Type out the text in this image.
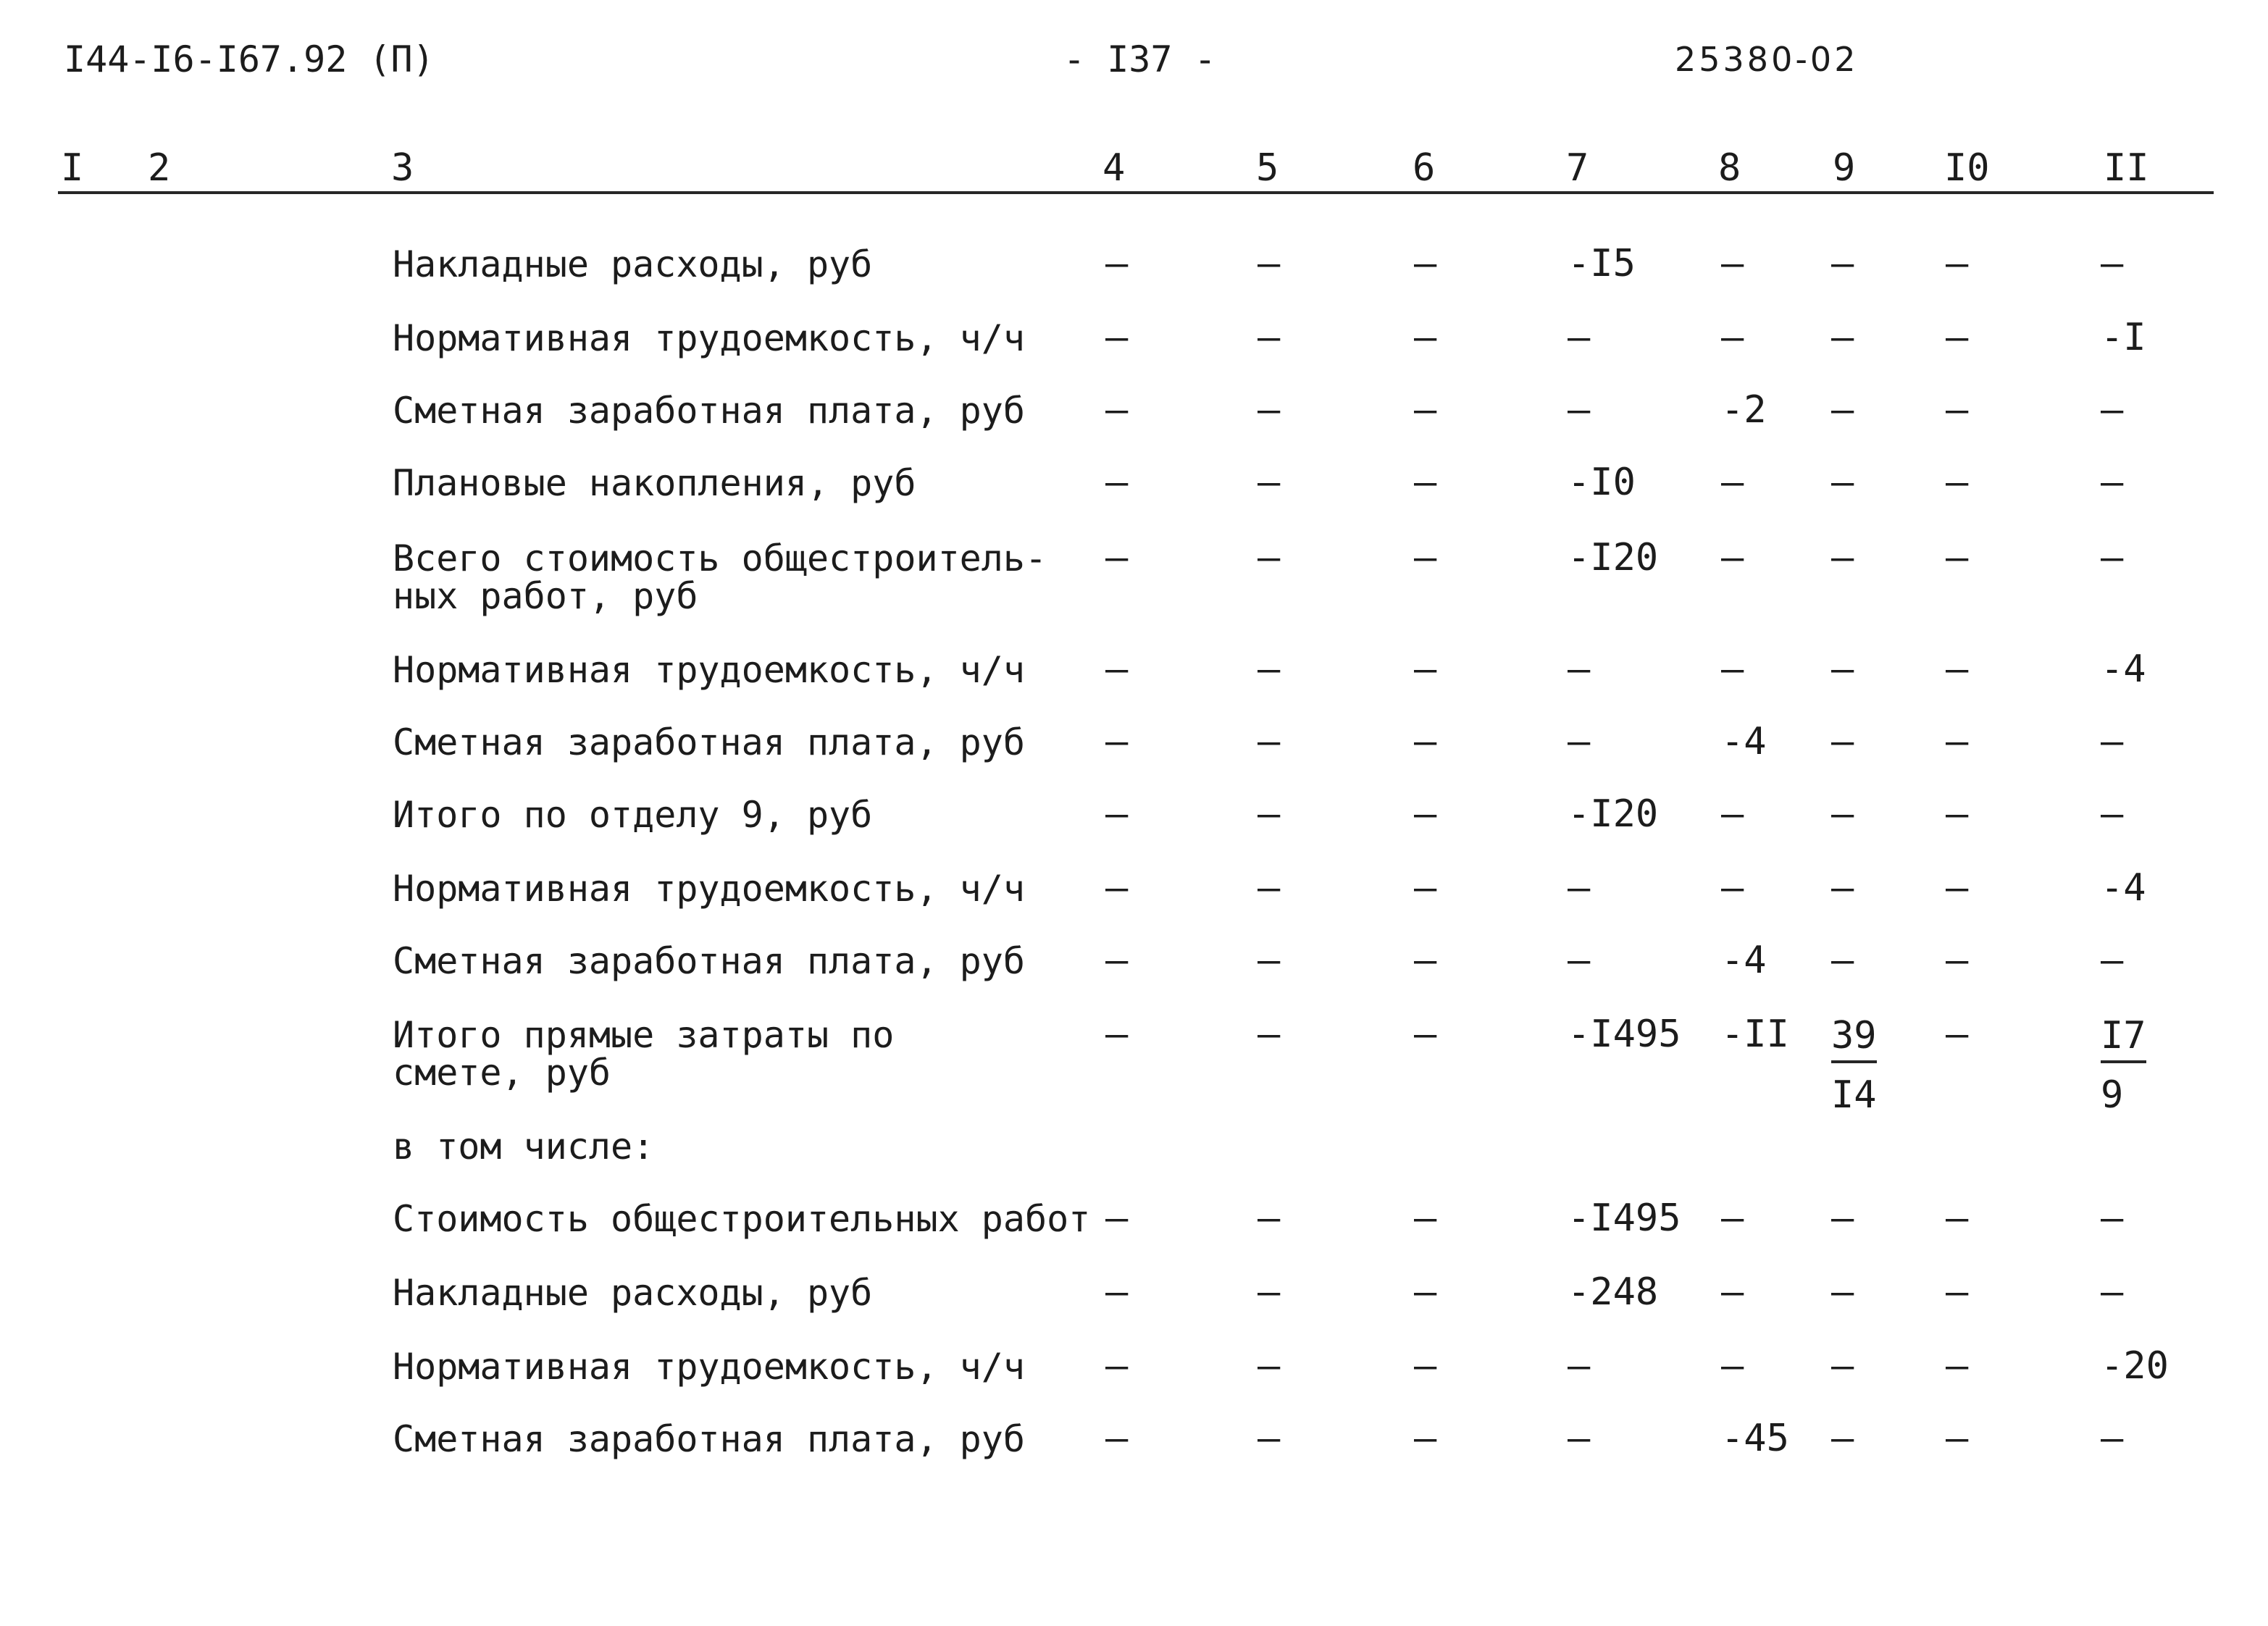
I44-I6-I67.92 (П)	- I37 -	25380-02
I 2	3	4	5	6	7	8 9 I0	II
Накладные расходы, руб	–	–	–	-I5 – – –	–
Нормативная трудоемкость, ч/ч –	–	–	–	– – –	-I
Сметная заработная плата, руб –	–	–	–	-2 – –	–
Плановые накопления, руб	–	–	–	-I0 – – –	–
Всего стоимость общестроитель-
ных работ, руб
–	–	–	-I20 – – –	–
Нормативная трудоемкость, ч/ч –	–	–	–	– – –	-4
Сметная заработная плата, руб –	–	–	–	-4 – –	–
Итого по отделу 9, руб	–	–	–	-I20 – – –	–
Нормативная трудоемкость, ч/ч –	–	–	–	– – –	-4
Сметная заработная плата, руб –	–	–	–	-4 – –	–
Итого прямые затраты по
смете, руб
–	–	–	-I495 $-II \frac{39}{I4}$ –	$\frac{I7}{9}$
в том числе:
Стоимость общестроительных работ –	–	–	-I495 – – –	–
Накладные расходы, руб	–	–	–	-248 – – –	–
Нормативная трудоемкость, ч/ч –	–	–	–	– – –	-20
Сметная заработная плата, руб –	–	–	–	-45 – –	–
